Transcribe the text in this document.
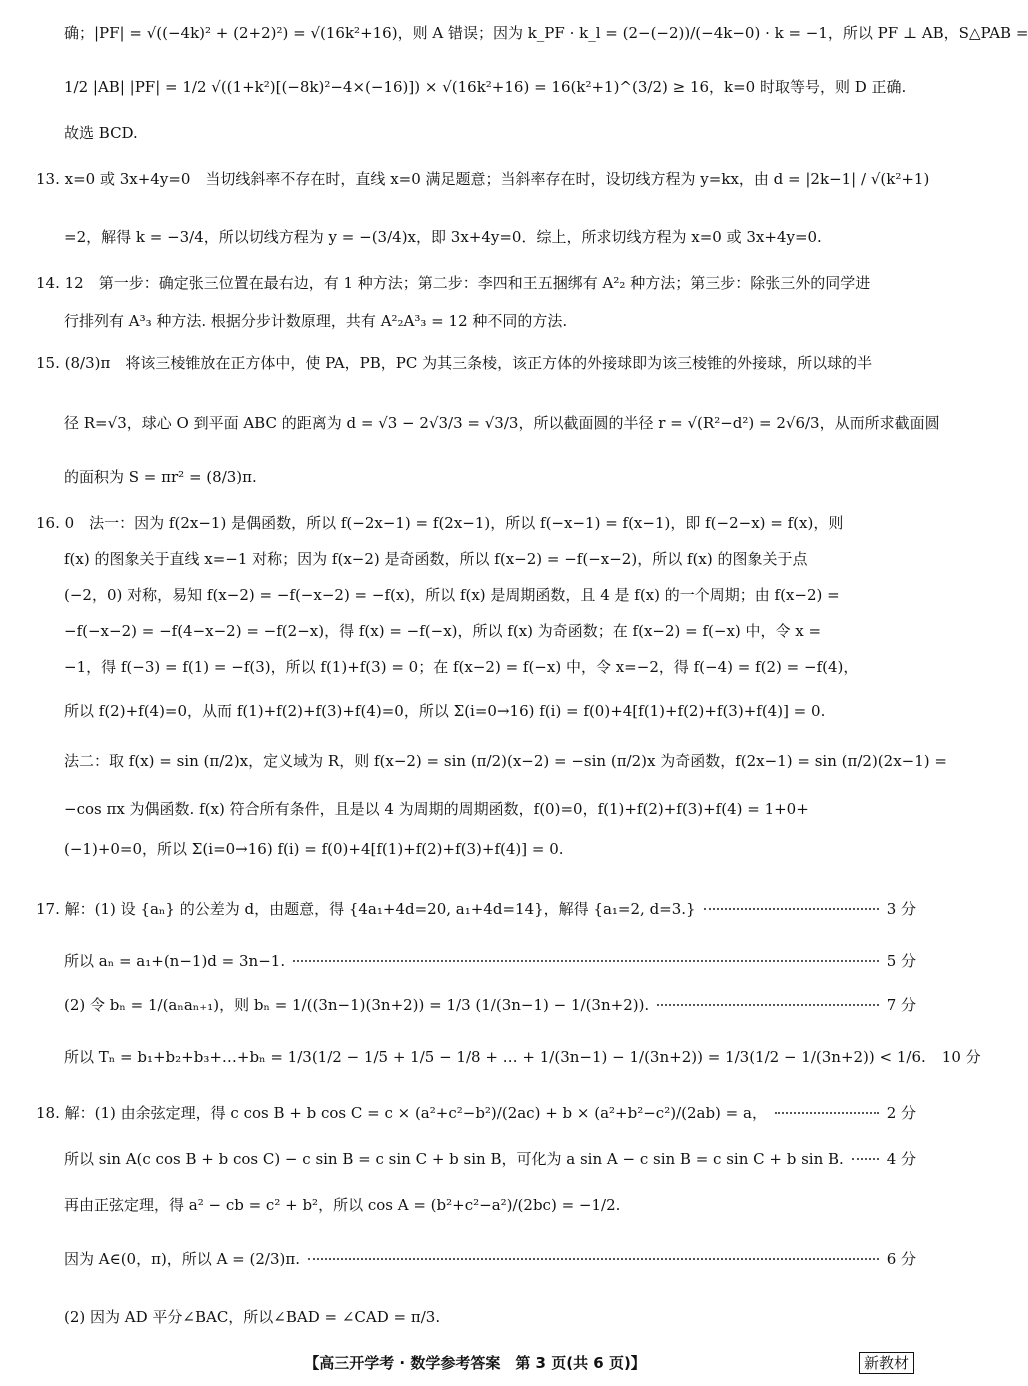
确；|PF| = √((−4k)² + (2+2)²) = √(16k²+16)，则 A 错误；因为 k_PF · k_l = (2−(−2))/(−4k−0) · k = −1，所以 PF ⊥ AB，S△PAB =
1/2 |AB| |PF| = 1/2 √((1+k²)[(−8k)²−4×(−16)]) × √(16k²+16) = 16(k²+1)^(3/2) ≥ 16，k=0 时取等号，则 D 正确.
故选 BCD.
13. x=0 或 3x+4y=0　当切线斜率不存在时，直线 x=0 满足题意；当斜率存在时，设切线方程为 y=kx，由 d = |2k−1| / √(k²+1)
=2，解得 k = −3/4，所以切线方程为 y = −(3/4)x，即 3x+4y=0．综上，所求切线方程为 x=0 或 3x+4y=0.
14. 12　第一步：确定张三位置在最右边，有 1 种方法；第二步：李四和王五捆绑有 A²₂ 种方法；第三步：除张三外的同学进
行排列有 A³₃ 种方法. 根据分步计数原理，共有 A²₂A³₃ = 12 种不同的方法.
15. (8/3)π　将该三棱锥放在正方体中，使 PA，PB，PC 为其三条棱，该正方体的外接球即为该三棱锥的外接球，所以球的半
径 R=√3，球心 O 到平面 ABC 的距离为 d = √3 − 2√3/3 = √3/3，所以截面圆的半径 r = √(R²−d²) = 2√6/3，从而所求截面圆
的面积为 S = πr² = (8/3)π.
16. 0　法一：因为 f(2x−1) 是偶函数，所以 f(−2x−1) = f(2x−1)，所以 f(−x−1) = f(x−1)，即 f(−2−x) = f(x)，则
f(x) 的图象关于直线 x=−1 对称；因为 f(x−2) 是奇函数，所以 f(x−2) = −f(−x−2)，所以 f(x) 的图象关于点
(−2，0) 对称，易知 f(x−2) = −f(−x−2) = −f(x)，所以 f(x) 是周期函数，且 4 是 f(x) 的一个周期；由 f(x−2) =
−f(−x−2) = −f(4−x−2) = −f(2−x)，得 f(x) = −f(−x)，所以 f(x) 为奇函数；在 f(x−2) = f(−x) 中，令 x =
−1，得 f(−3) = f(1) = −f(3)，所以 f(1)+f(3) = 0；在 f(x−2) = f(−x) 中，令 x=−2，得 f(−4) = f(2) = −f(4)，
所以 f(2)+f(4)=0，从而 f(1)+f(2)+f(3)+f(4)=0，所以 Σ(i=0→16) f(i) = f(0)+4[f(1)+f(2)+f(3)+f(4)] = 0.
法二：取 f(x) = sin (π/2)x，定义域为 R，则 f(x−2) = sin (π/2)(x−2) = −sin (π/2)x 为奇函数，f(2x−1) = sin (π/2)(2x−1) =
−cos πx 为偶函数. f(x) 符合所有条件，且是以 4 为周期的周期函数，f(0)=0，f(1)+f(2)+f(3)+f(4) = 1+0+
(−1)+0=0，所以 Σ(i=0→16) f(i) = f(0)+4[f(1)+f(2)+f(3)+f(4)] = 0.
17. 解：(1) 设 {aₙ} 的公差为 d，由题意，得 {4a₁+4d=20, a₁+4d=14}，解得 {a₁=2, d=3.}	3 分
所以 aₙ = a₁+(n−1)d = 3n−1.	5 分
(2) 令 bₙ = 1/(aₙaₙ₊₁)，则 bₙ = 1/((3n−1)(3n+2)) = 1/3 (1/(3n−1) − 1/(3n+2)).	7 分
所以 Tₙ = b₁+b₂+b₃+…+bₙ = 1/3(1/2 − 1/5 + 1/5 − 1/8 + … + 1/(3n−1) − 1/(3n+2)) = 1/3(1/2 − 1/(3n+2)) < 1/6. 10 分
18. 解：(1) 由余弦定理，得 c cos B + b cos C = c × (a²+c²−b²)/(2ac) + b × (a²+b²−c²)/(2ab) = a，	2 分
所以 sin A(c cos B + b cos C) − c sin B = c sin C + b sin B，可化为 a sin A − c sin B = c sin C + b sin B.	4 分
再由正弦定理，得 a² − cb = c² + b²，所以 cos A = (b²+c²−a²)/(2bc) = −1/2.
因为 A∈(0，π)，所以 A = (2/3)π.	6 分
(2) 因为 AD 平分∠BAC，所以∠BAD = ∠CAD = π/3.
【高三开学考 · 数学参考答案　第 3 页(共 6 页)】	新教材
